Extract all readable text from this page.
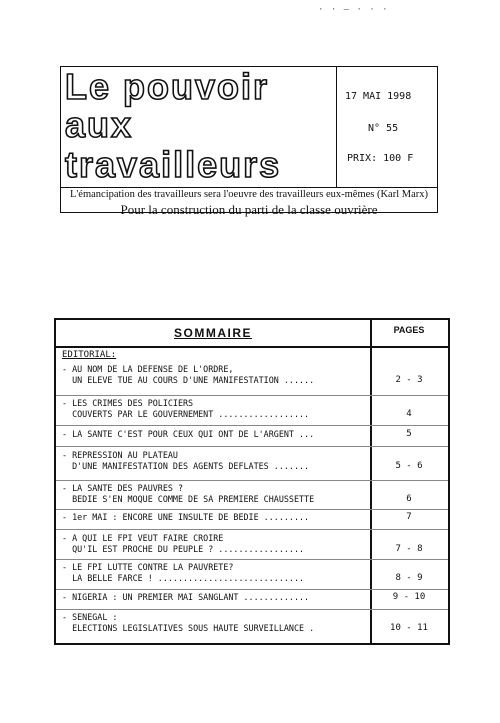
· · ‒ · · ·
Le pouvoir
aux
travailleurs
17 MAI 1998
N° 55
PRIX: 100 F
L'émancipation des travailleurs sera l'oeuvre des travailleurs eux-mêmes (Karl Marx)
Pour la construction du parti de la classe ouvrière
SOMMAIRE	PAGES
EDITORIAL:
- AU NOM DE LA DEFENSE DE L'ORDRE,
UN ELEVE TUE AU COURS D'UNE MANIFESTATION ......	2 - 3
- LES CRIMES DES POLICIERS
COUVERTS PAR LE GOUVERNEMENT ..................	4
- LA SANTE C'EST POUR CEUX QUI ONT DE L'ARGENT ...	5
- REPRESSION AU PLATEAU
D'UNE MANIFESTATION DES AGENTS DEFLATES .......	5 - 6
- LA SANTE DES PAUVRES ?
BEDIE S'EN MOQUE COMME DE SA PREMIERE CHAUSSETTE	6
- 1er MAI : ENCORE UNE INSULTE DE BEDIE .........	7
- A QUI LE FPI VEUT FAIRE CROIRE
QU'IL EST PROCHE DU PEUPLE ? .................	7 - 8
- LE FPI LUTTE CONTRE LA PAUVRETE?
LA BELLE FARCE ! .............................	8 - 9
- NIGERIA : UN PREMIER MAI SANGLANT .............	9 - 10
- SENEGAL :
ELECTIONS LEGISLATIVES SOUS HAUTE SURVEILLANCE .	10 - 11
